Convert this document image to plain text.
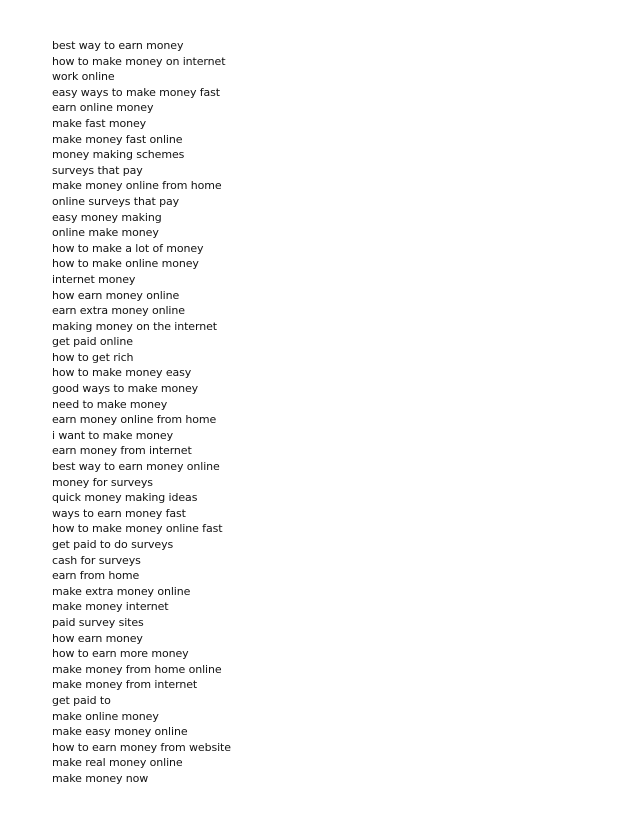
best way to earn money
how to make money on internet
work online
easy ways to make money fast
earn online money
make fast money
make money fast online
money making schemes
surveys that pay
make money online from home
online surveys that pay
easy money making
online make money
how to make a lot of money
how to make online money
internet money
how earn money online
earn extra money online
making money on the internet
get paid online
how to get rich
how to make money easy
good ways to make money
need to make money
earn money online from home
i want to make money
earn money from internet
best way to earn money online
money for surveys
quick money making ideas
ways to earn money fast
how to make money online fast
get paid to do surveys
cash for surveys
earn from home
make extra money online
make money internet
paid survey sites
how earn money
how to earn more money
make money from home online
make money from internet
get paid to
make online money
make easy money online
how to earn money from website
make real money online
make money now
